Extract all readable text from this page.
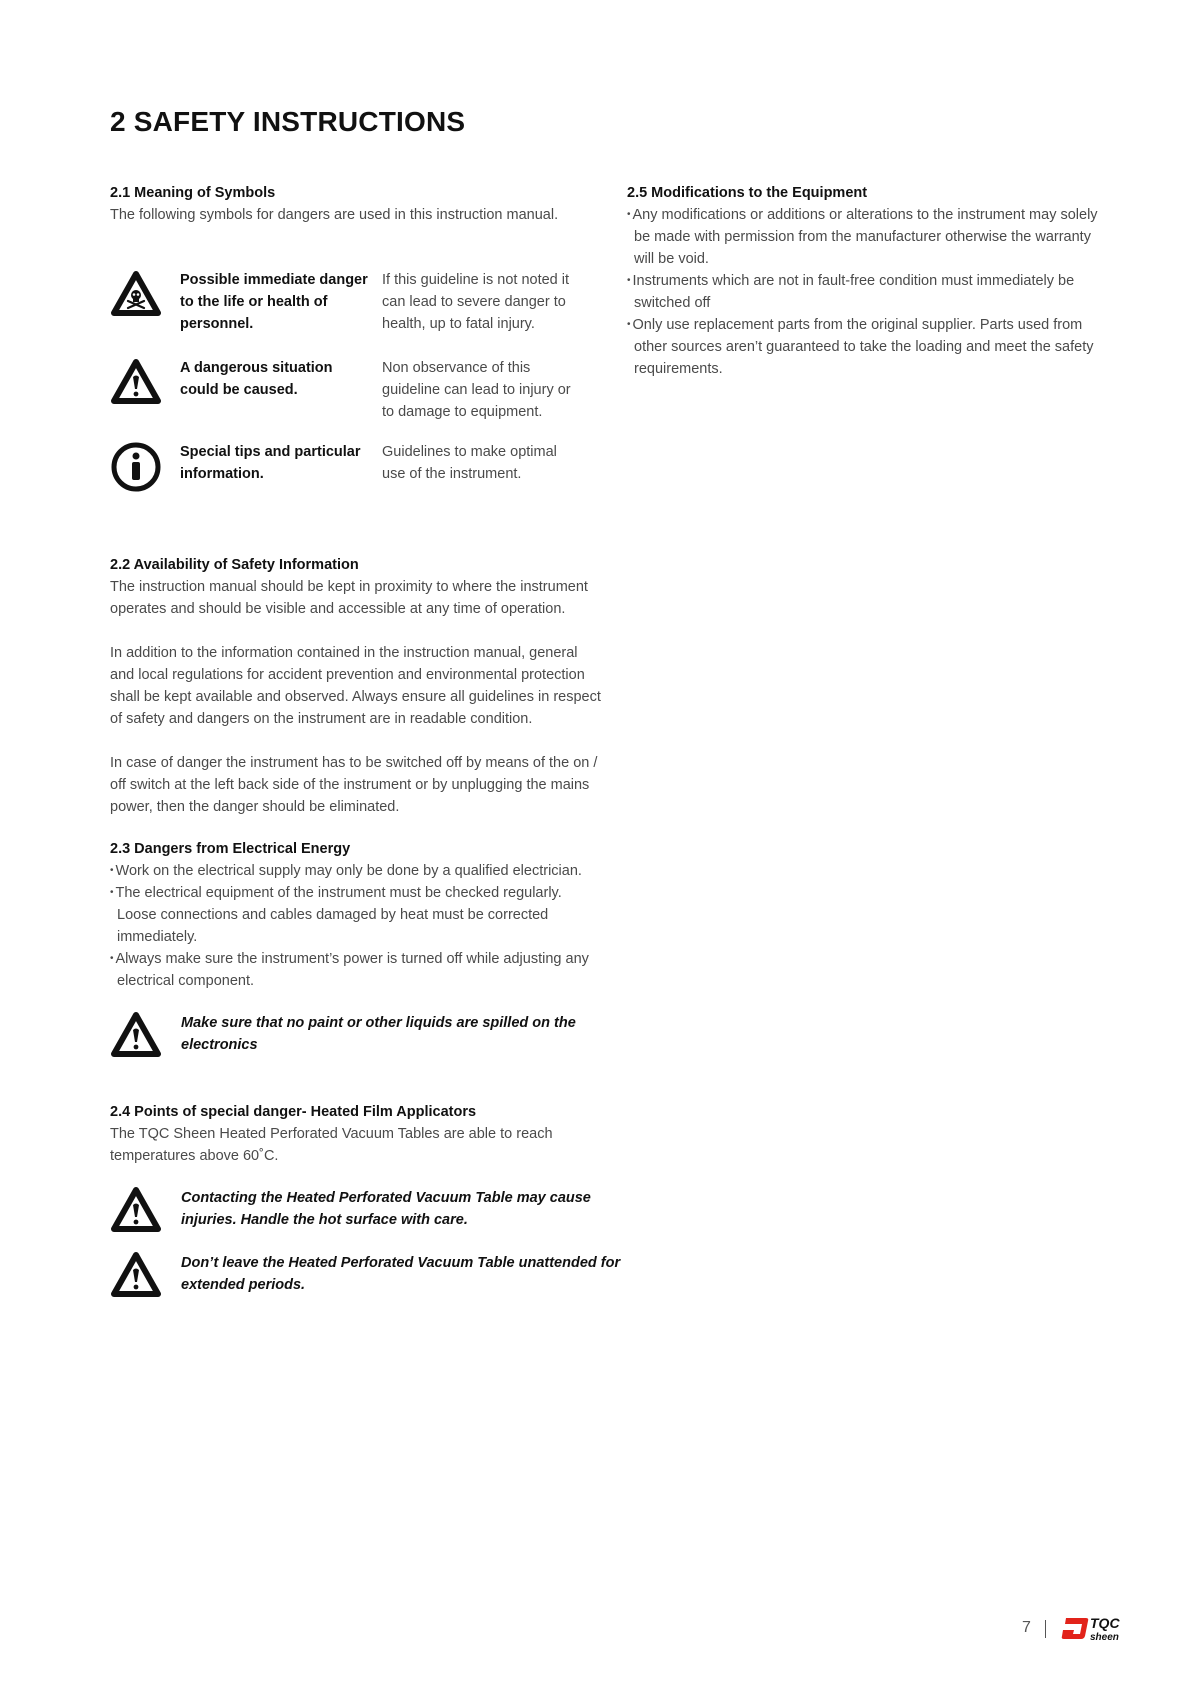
2 SAFETY INSTRUCTIONS

2.1 Meaning of Symbols

The following symbols for dangers are used in this instruction manual.

Possible immediate danger to the life or health of personnel.
If this guideline is not noted it can lead to severe danger to health, up to fatal injury.
A dangerous situation could be caused.
Non observance of this guideline can lead to injury or to damage to equipment.
Special tips and particular information.
Guidelines to make optimal use of the instrument.

2.2 Availability of Safety Information

The instruction manual should be kept in proximity to where the instrument operates and should be visible and accessible at any time of operation.

In addition to the information contained in the instruction manual, general and local regulations for accident prevention and environmental protection shall be kept available and observed. Always ensure all guidelines in respect of safety and dangers on the instrument are in readable condition.

In case of danger the instrument has to be switched off by means of the on / off switch at the left back side of the instrument or by unplugging the mains power, then the danger should be eliminated.

2.3 Dangers from Electrical Energy

• Work on the electrical supply may only be done by a qualified electrician.

• The electrical equipment of the instrument must be checked regularly. Loose connections and cables damaged by heat must be corrected immediately.

• Always make sure the instrument’s power is turned off while adjusting any electrical component.

Make sure that no paint or other liquids are spilled on the electronics

2.4 Points of special danger- Heated Film Applicators

The TQC Sheen Heated Perforated Vacuum Tables are able to reach temperatures above 60˚C.

Contacting the Heated Perforated Vacuum Table may cause injuries. Handle the hot surface with care.
Don’t leave the Heated Perforated Vacuum Table unattended for extended periods.

2.5 Modifications to the Equipment

• Any modifications or additions or alterations to the instrument may solely be made with permission from the manufacturer otherwise the warranty will be void.

• Instruments which are not in fault-free condition must immediately be switched off

• Only use replacement parts from the original supplier. Parts used from other sources aren’t guaranteed to take the loading and meet the safety requirements.

7	TQC
sheen
